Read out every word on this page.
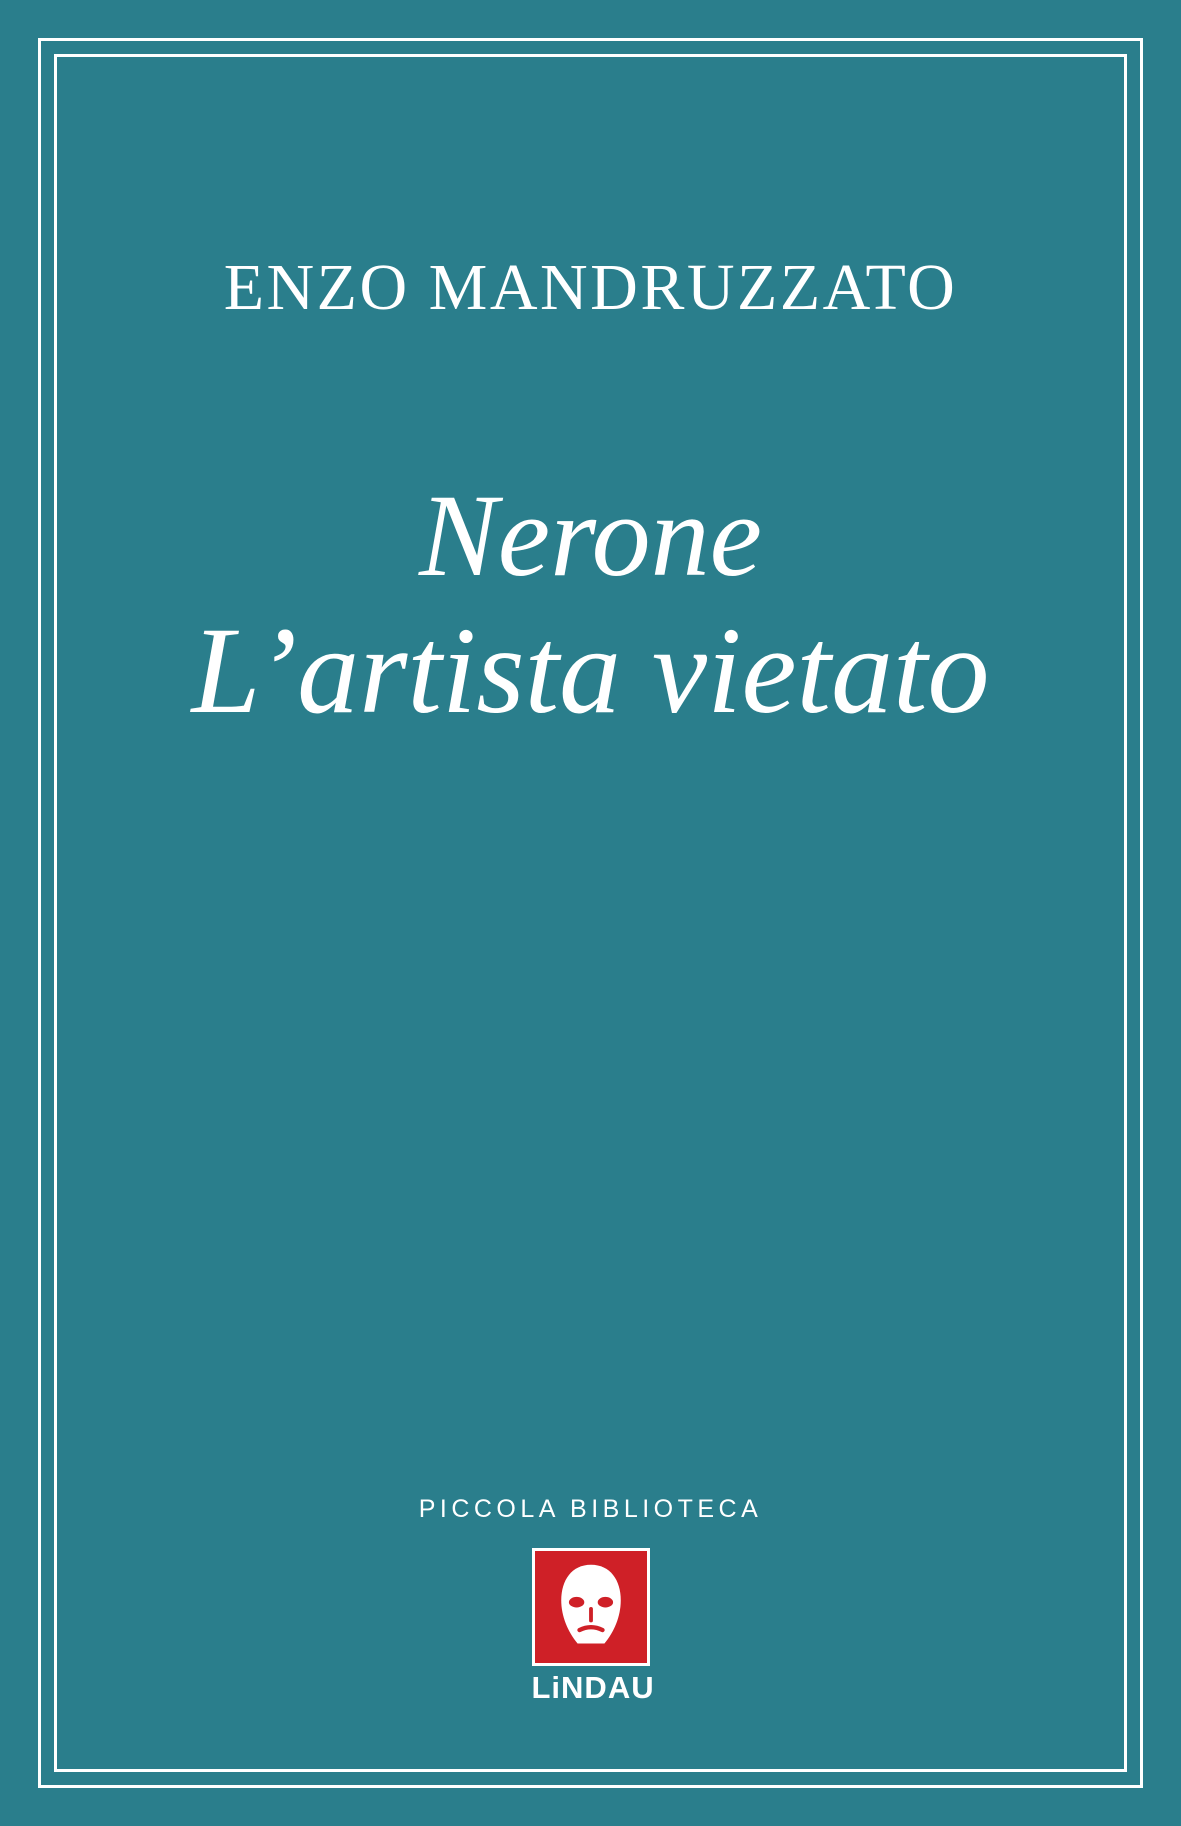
ENZO MANDRUZZATO
Nerone
L’artista vietato
PICCOLA BIBLIOTECA
LiNDAU
